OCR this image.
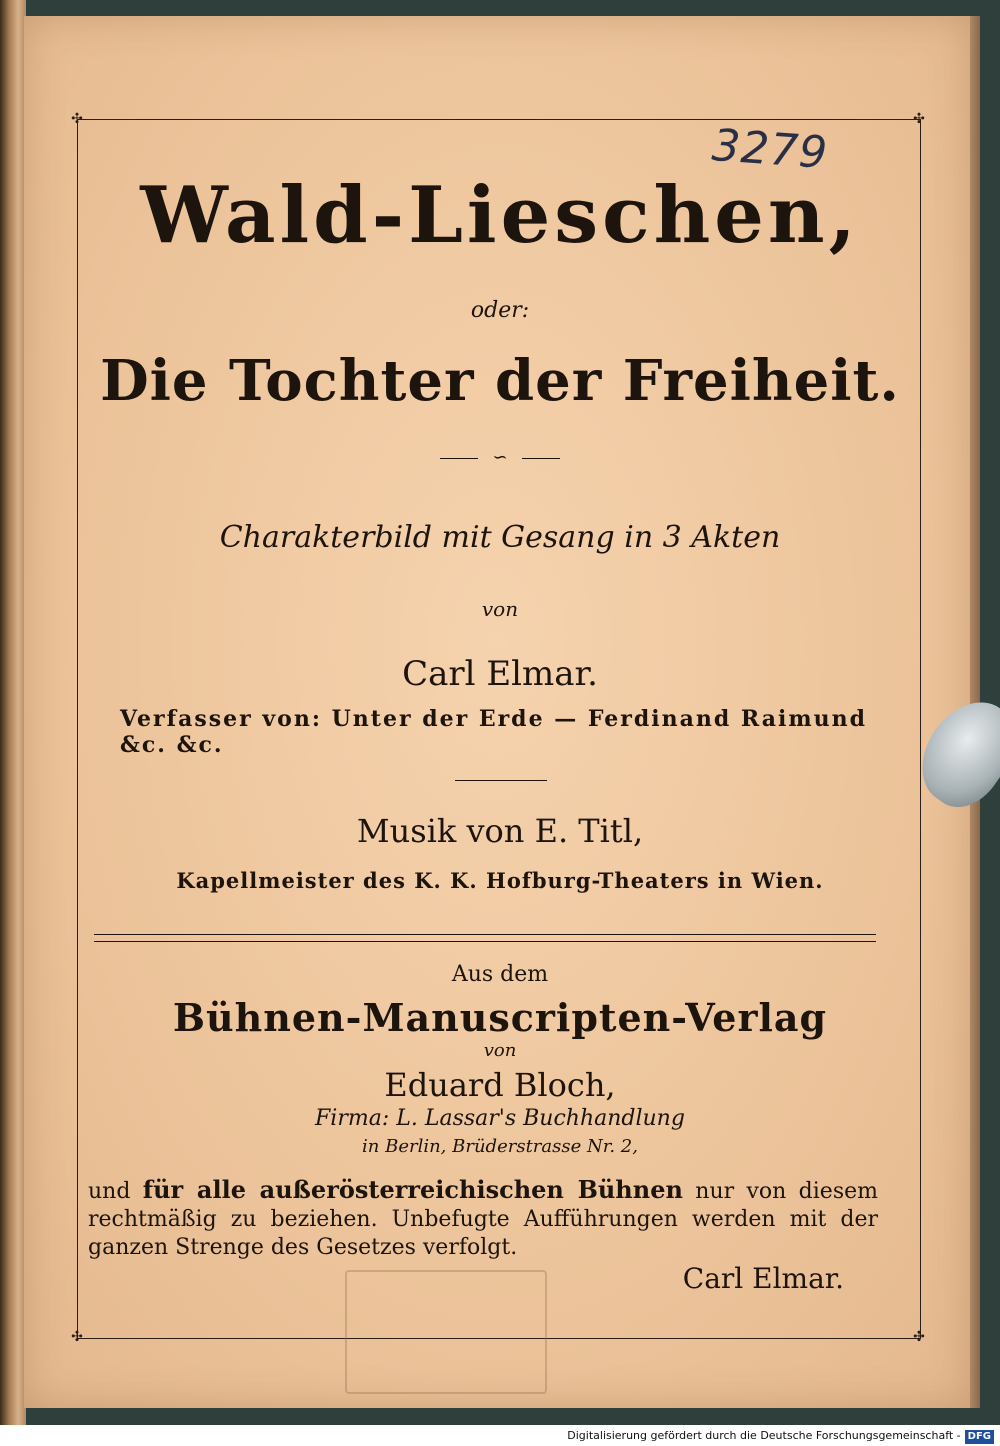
✣	✣
✣	✣
3279
Wald-Lieschen,
oder:
Die Tochter der Freiheit.
∽
Charakterbild mit Gesang in 3 Akten
von
Carl Elmar.
Verfasser von: Unter der Erde — Ferdinand Raimund &c. &c.
Musik von E. Titl,
Kapellmeister des K. K. Hofburg-Theaters in Wien.
Aus dem
Bühnen-Manuscripten-Verlag
von
Eduard Bloch,
Firma: L. Lassar's Buchhandlung
in Berlin, Brüderstrasse Nr. 2,
und für alle außerösterreichischen Bühnen nur von diesem rechtmäßig zu beziehen. Unbefugte Aufführungen werden mit der ganzen Strenge des Gesetzes verfolgt.
Carl Elmar.
Digitalisierung gefördert durch die Deutsche Forschungsgemeinschaft - DFG
